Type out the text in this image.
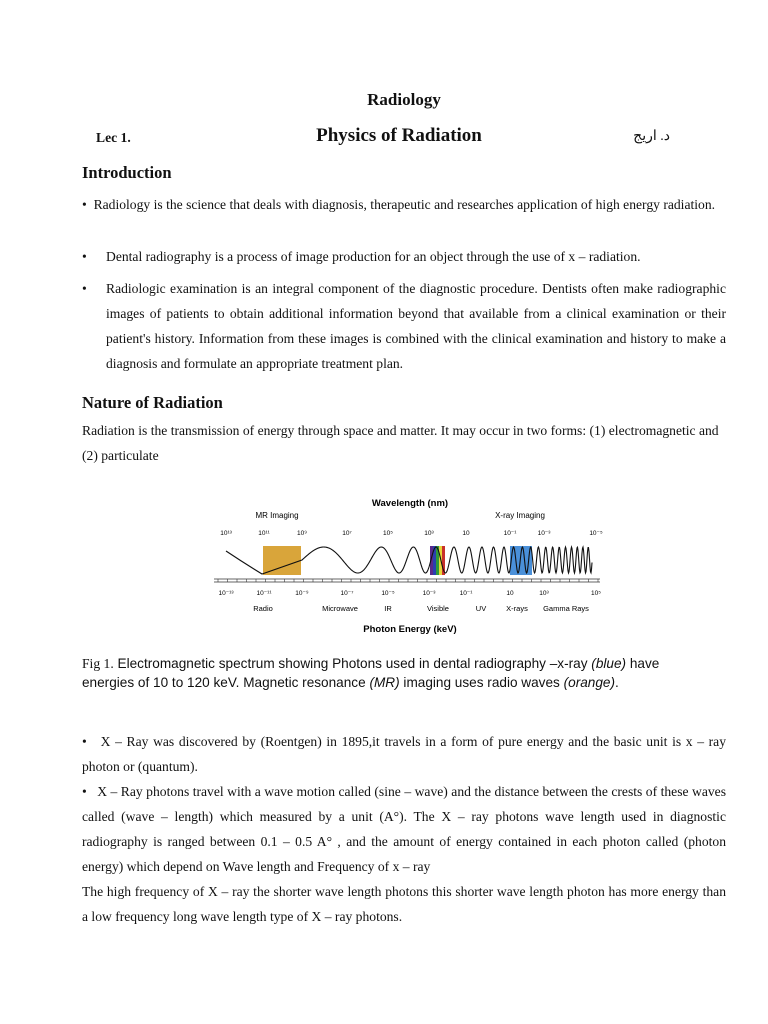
Radiology
Lec 1.	Physics of Radiation	د. اريج
Introduction
• Radiology is the science that deals with diagnosis, therapeutic and researches application of high energy radiation.
•	Dental radiography is a process of image production for an object through the use of x – radiation.
•	Radiologic examination is an integral component of the diagnostic procedure. Dentists often make radiographic images of patients to obtain additional information beyond that available from a clinical examination or their patient's history. Information from these images is combined with the clinical examination and history to make a diagnosis and formulate an appropriate treatment plan.
Nature of Radiation
Radiation is the transmission of energy through space and matter. It may occur in two forms: (1) electromagnetic and (2) particulate
Wavelength (nm)
MR Imaging	X-ray Imaging
10¹³	10¹¹	10⁹	10⁷	10⁵	10³	10	10⁻¹	10⁻³	10⁻⁵
10⁻¹³	10⁻¹¹	10⁻⁹	10⁻⁷	10⁻⁵	10⁻³	10⁻¹	10	10³	10⁵
Radio	Microwave	IR	Visible	UV	X-rays Gamma Rays
Photon Energy (keV)
Fig 1. Electromagnetic spectrum showing Photons used in dental radiography –x-ray (blue) have energies of 10 to 120 keV. Magnetic resonance (MR) imaging uses radio waves (orange).
• X – Ray was discovered by (Roentgen) in 1895,it travels in a form of pure energy and the basic unit is x – ray photon or (quantum).
• X – Ray photons travel with a wave motion called (sine – wave) and the distance between the crests of these waves called (wave – length) which measured by a unit (A°). The X – ray photons wave length used in diagnostic radiography is ranged between 0.1 – 0.5 A° , and the amount of energy contained in each photon called (photon energy) which depend on Wave length and Frequency of x – ray
The high frequency of X – ray the shorter wave length photons this shorter wave length photon has more energy than a low frequency long wave length type of X – ray photons.
